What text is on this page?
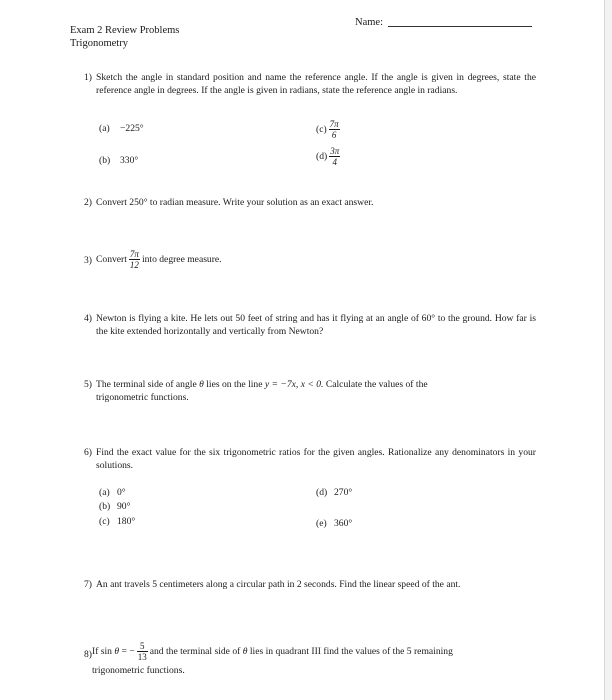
Name:
Exam 2 Review Problems
Trigonometry
1) Sketch the angle in standard position and name the reference angle. If the angle is given in degrees, state the reference angle in degrees. If the angle is given in radians, state the reference angle in radians.
(a) −225°
(b) 330°
$(c) \frac{7\pi}{6}$
$(d) \frac{3\pi}{4}$
2) Convert 250° to radian measure. Write your solution as an exact answer.
3) Convert $\frac{7\pi}{12}$ into degree measure.
4) Newton is flying a kite. He lets out 50 feet of string and has it flying at an angle of 60° to the ground. How far is the kite extended horizontally and vertically from Newton?
5) The terminal side of angle θ lies on the line y = −7x, x < 0. Calculate the values of the
trigonometric functions.
6) Find the exact value for the six trigonometric ratios for the given angles. Rationalize any denominators in your solutions.
(a) 0°
(b) 90°
(c) 180°
(d) 270°
(e) 360°
7) An ant travels 5 centimeters along a circular path in 2 seconds. Find the linear speed of the ant.
8) If sin
θ
= − $\frac{5}{13}$ and the terminal side of
θ
lies in quadrant III find the values of the 5 remaining
trigonometric functions.
